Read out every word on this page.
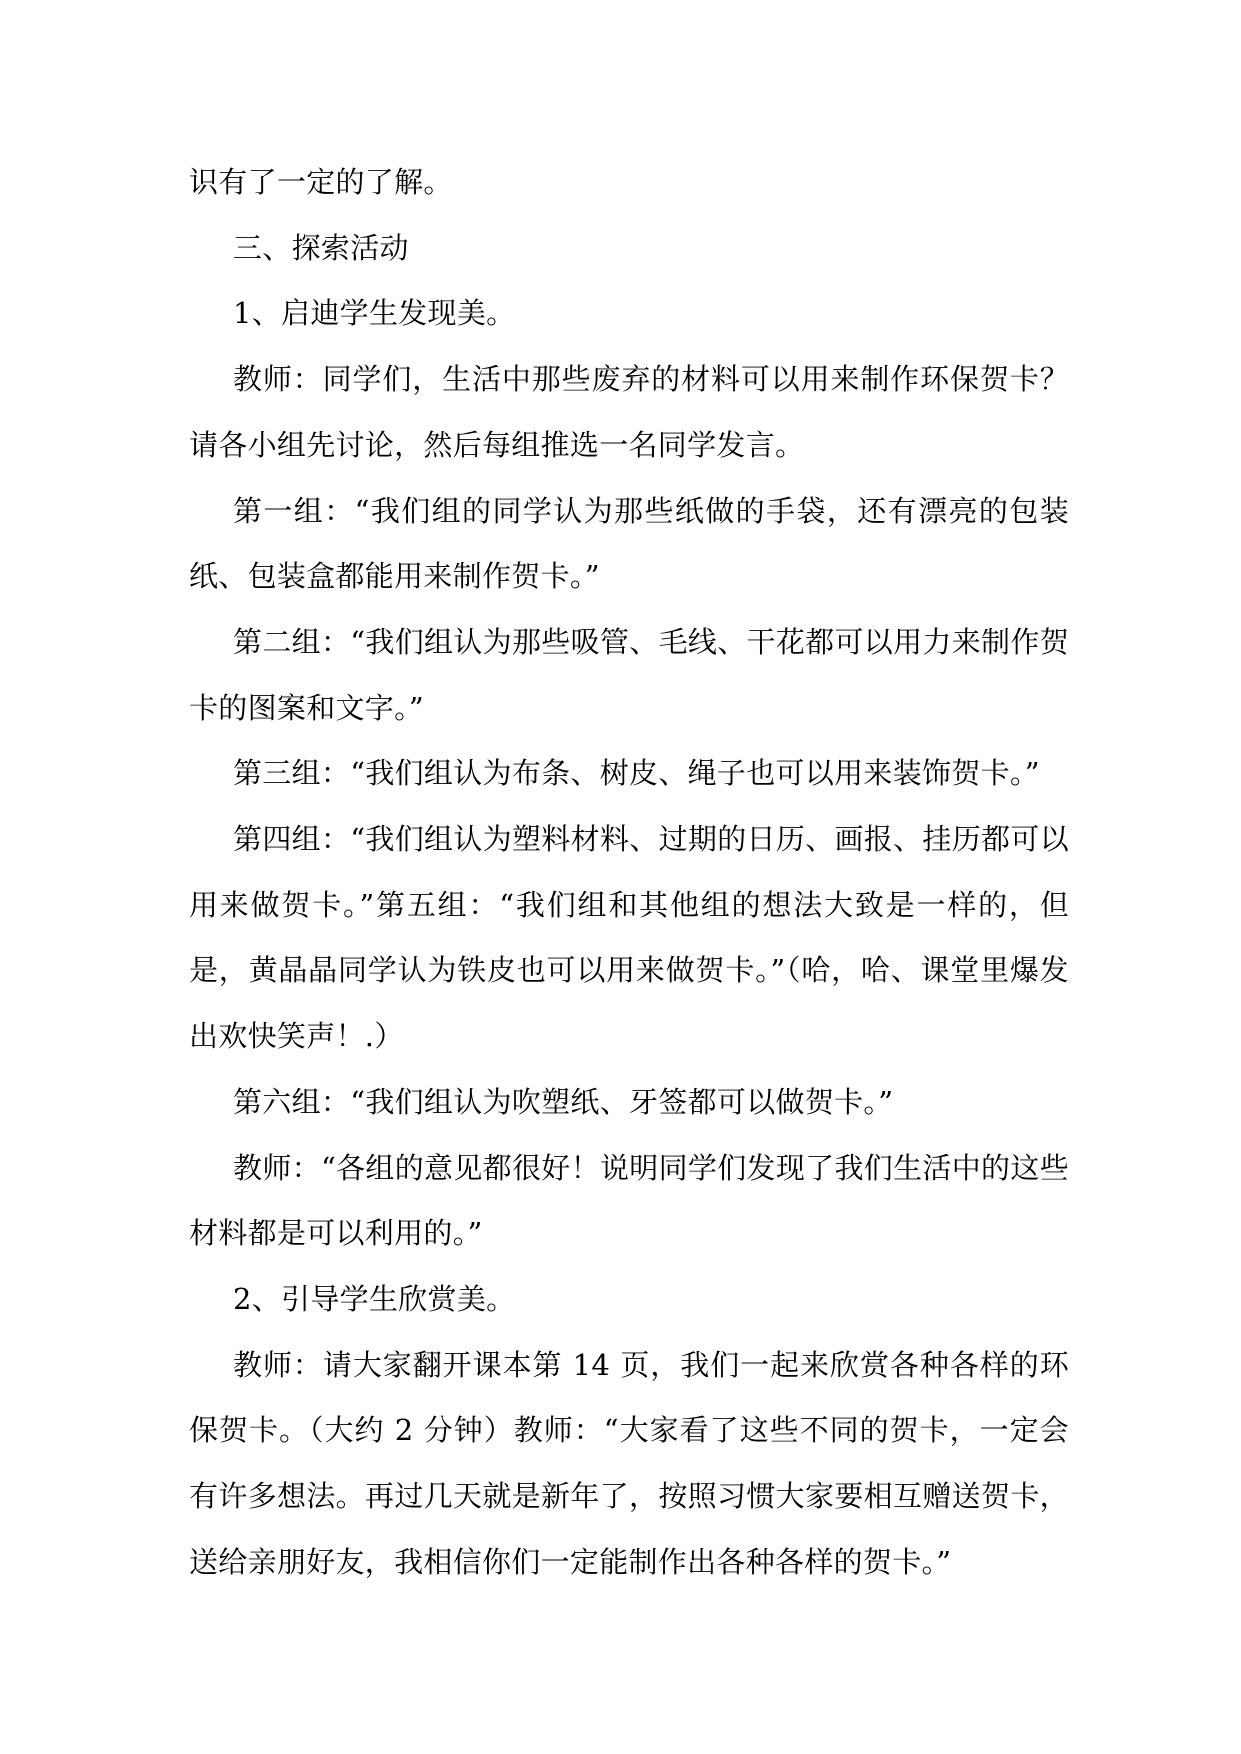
识有了一定的了解。

三、探索活动

1、启迪学生发现美。

教师：同学们，生活中那些废弃的材料可以用来制作环保贺卡？请各小组先讨论，然后每组推选一名同学发言。

第一组：“我们组的同学认为那些纸做的手袋，还有漂亮的包装纸、包装盒都能用来制作贺卡。”

第二组：“我们组认为那些吸管、毛线、干花都可以用力来制作贺卡的图案和文字。”

第三组：“我们组认为布条、树皮、绳子也可以用来装饰贺卡。”

第四组：“我们组认为塑料材料、过期的日历、画报、挂历都可以用来做贺卡。”第五组：“我们组和其他组的想法大致是一样的，但是，黄晶晶同学认为铁皮也可以用来做贺卡。”（哈，哈、课堂里爆发出欢快笑声！.）

第六组：“我们组认为吹塑纸、牙签都可以做贺卡。”

教师：“各组的意见都很好！说明同学们发现了我们生活中的这些材料都是可以利用的。”

2、引导学生欣赏美。

教师：请大家翻开课本第 14 页，我们一起来欣赏各种各样的环保贺卡。（大约 2 分钟）教师：“大家看了这些不同的贺卡，一定会有许多想法。再过几天就是新年了，按照习惯大家要相互赠送贺卡，送给亲朋好友，我相信你们一定能制作出各种各样的贺卡。”
